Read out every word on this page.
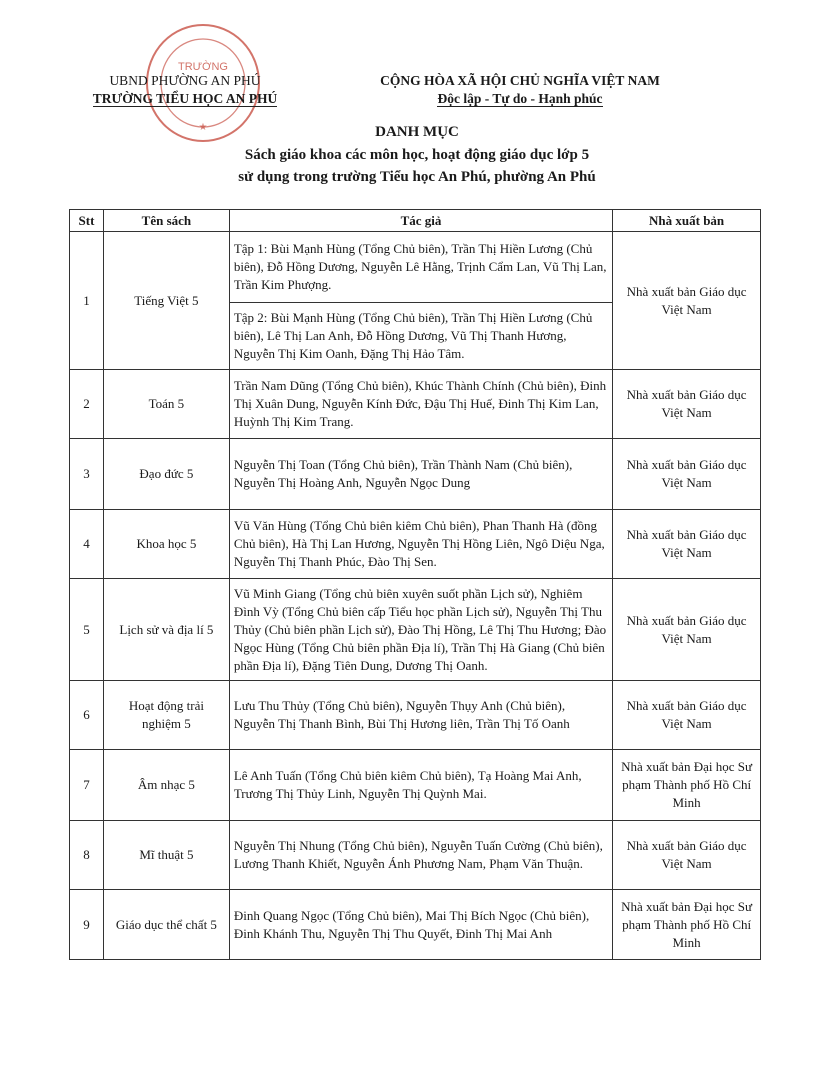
TRƯỜNG
★
UBND PHƯỜNG AN PHÚ
TRƯỜNG TIỂU HỌC AN PHÚ
CỘNG HÒA XÃ HỘI CHỦ NGHĨA VIỆT NAM
Độc lập - Tự do - Hạnh phúc
DANH MỤC
Sách giáo khoa các môn học, hoạt động giáo dục lớp 5
sử dụng trong trường Tiểu học An Phú, phường An Phú
Stt	Tên sách	Tác giả	Nhà xuất bản
1	Tiếng Việt 5	Tập 1: Bùi Mạnh Hùng (Tổng Chủ biên), Trần Thị Hiền Lương (Chủ biên), Đỗ Hồng Dương, Nguyễn Lê Hằng, Trịnh Cẩm Lan, Vũ Thị Lan, Trần Kim Phượng.	Nhà xuất bản Giáo dục Việt Nam
		Tập 2: Bùi Mạnh Hùng (Tổng Chủ biên), Trần Thị Hiền Lương (Chủ biên), Lê Thị Lan Anh, Đỗ Hồng Dương, Vũ Thị Thanh Hương, Nguyễn Thị Kim Oanh, Đặng Thị Hảo Tâm.	
2	Toán 5	Trần Nam Dũng (Tổng Chủ biên), Khúc Thành Chính (Chủ biên), Đinh Thị Xuân Dung, Nguyễn Kính Đức, Đậu Thị Huế, Đinh Thị Kim Lan, Huỳnh Thị Kim Trang.	Nhà xuất bản Giáo dục Việt Nam
3	Đạo đức 5	Nguyễn Thị Toan (Tổng Chủ biên), Trần Thành Nam (Chủ biên), Nguyễn Thị Hoàng Anh, Nguyễn Ngọc Dung	Nhà xuất bản Giáo dục Việt Nam
4	Khoa học 5	Vũ Văn Hùng (Tổng Chủ biên kiêm Chủ biên), Phan Thanh Hà (đồng Chủ biên), Hà Thị Lan Hương, Nguyễn Thị Hồng Liên, Ngô Diệu Nga, Nguyễn Thị Thanh Phúc, Đào Thị Sen.	Nhà xuất bản Giáo dục Việt Nam
5	Lịch sử và địa lí 5	Vũ Minh Giang (Tổng chủ biên xuyên suốt phần Lịch sử), Nghiêm Đình Vỳ (Tổng Chủ biên cấp Tiểu học phần Lịch sử), Nguyễn Thị Thu Thủy (Chủ biên phần Lịch sử), Đào Thị Hồng, Lê Thị Thu Hương; Đào Ngọc Hùng (Tổng Chủ biên phần Địa lí), Trần Thị Hà Giang (Chủ biên phần Địa lí), Đặng Tiên Dung, Dương Thị Oanh.	Nhà xuất bản Giáo dục Việt Nam
6	Hoạt động trải nghiệm 5	Lưu Thu Thủy (Tổng Chủ biên), Nguyễn Thụy Anh (Chủ biên), Nguyễn Thị Thanh Bình, Bùi Thị Hương liên, Trần Thị Tố Oanh	Nhà xuất bản Giáo dục Việt Nam
7	Âm nhạc 5	Lê Anh Tuấn (Tổng Chủ biên kiêm Chủ biên), Tạ Hoàng Mai Anh, Trương Thị Thủy Linh, Nguyễn Thị Quỳnh Mai.	Nhà xuất bản Đại học Sư phạm Thành phố Hồ Chí Minh
8	Mĩ thuật 5	Nguyễn Thị Nhung (Tổng Chủ biên), Nguyễn Tuấn Cường (Chủ biên), Lương Thanh Khiết, Nguyễn Ánh Phương Nam, Phạm Văn Thuận.	Nhà xuất bản Giáo dục Việt Nam
9	Giáo dục thể chất 5	Đinh Quang Ngọc (Tổng Chủ biên), Mai Thị Bích Ngọc (Chủ biên), Đinh Khánh Thu, Nguyễn Thị Thu Quyết, Đinh Thị Mai Anh	Nhà xuất bản Đại học Sư phạm Thành phố Hồ Chí Minh
